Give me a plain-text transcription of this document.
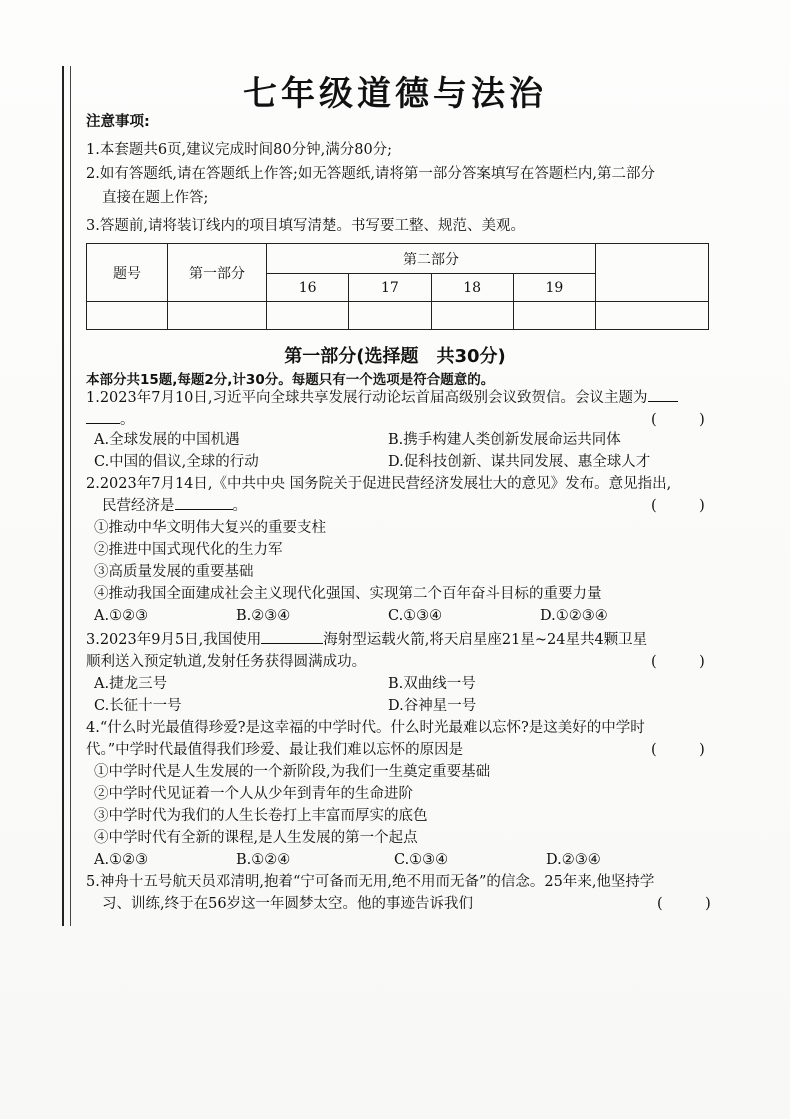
七年级道德与法治
注意事项:
1.本套题共6页,建议完成时间80分钟,满分80分;
2.如有答题纸,请在答题纸上作答;如无答题纸,请将第一部分答案填写在答题栏内,第二部分
直接在题上作答;
3.答题前,请将装订线内的项目填写清楚。书写要工整、规范、美观。
题号	第一部分	第二部分				
		16	17	18	19	

第一部分(选择题　共30分)
本部分共15题,每题2分,计30分。每题只有一个选项是符合题意的。
1.2023年7月10日,习近平向全球共享发展行动论坛首届高级别会议致贺信。会议主题为
。	(　)
A.全球发展的中国机遇	B.携手构建人类创新发展命运共同体
C.中国的倡议,全球的行动	D.促科技创新、谋共同发展、惠全球人才
2.2023年7月14日,《中共中央 国务院关于促进民营经济发展壮大的意见》发布。意见指出,
民营经济是	。	(　)
①推动中华文明伟大复兴的重要支柱
②推进中国式现代化的生力军
③高质量发展的重要基础
④推动我国全面建成社会主义现代化强国、实现第二个百年奋斗目标的重要力量
A.①②③	B.②③④	C.①③④	D.①②③④
3.2023年9月5日,我国使用	海射型运载火箭,将天启星座21星~24星共4颗卫星
顺利送入预定轨道,发射任务获得圆满成功。	(　)
A.捷龙三号	B.双曲线一号
C.长征十一号	D.谷神星一号
4.“什么时光最值得珍爱?是这幸福的中学时代。什么时光最难以忘怀?是这美好的中学时
代。”中学时代最值得我们珍爱、最让我们难以忘怀的原因是	(　)
①中学时代是人生发展的一个新阶段,为我们一生奠定重要基础
②中学时代见证着一个人从少年到青年的生命进阶
③中学时代为我们的人生长卷打上丰富而厚实的底色
④中学时代有全新的课程,是人生发展的第一个起点
A.①②③	B.①②④	C.①③④	D.②③④
5.神舟十五号航天员邓清明,抱着“宁可备而无用,绝不用而无备”的信念。25年来,他坚持学
习、训练,终于在56岁这一年圆梦太空。他的事迹告诉我们	(　)
